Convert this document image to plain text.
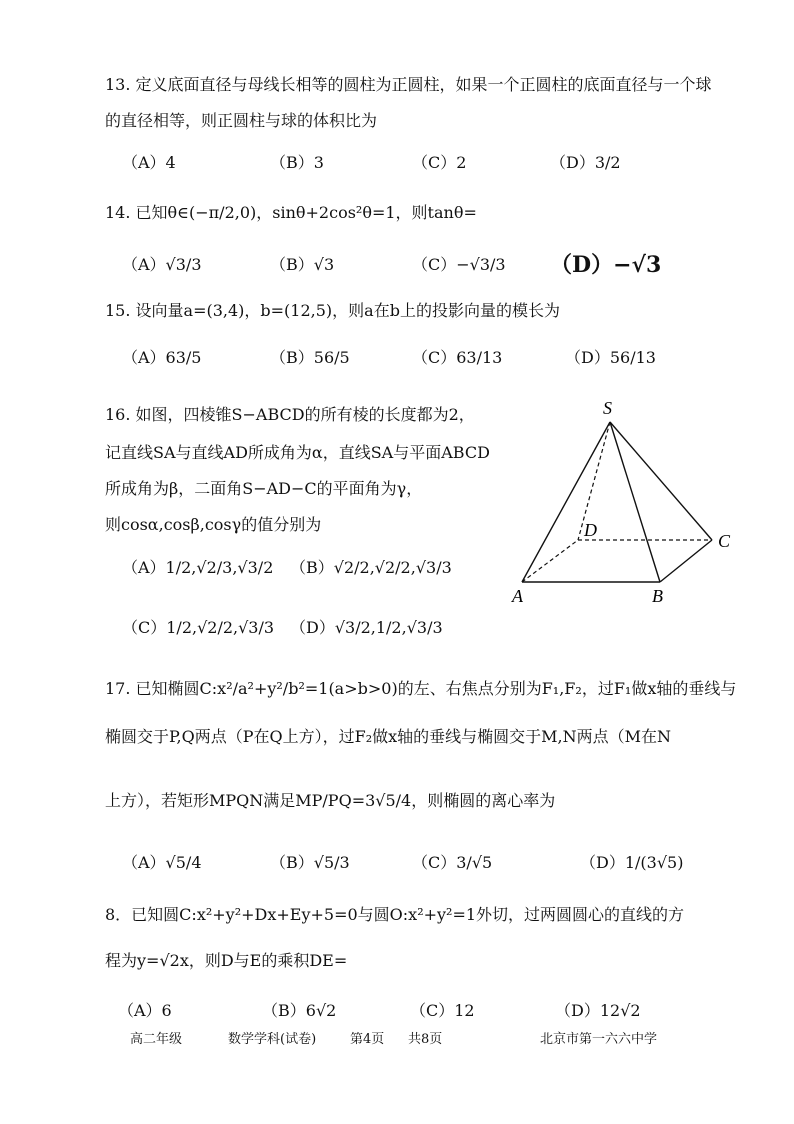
13. 定义底面直径与母线长相等的圆柱为正圆柱，如果一个正圆柱的底面直径与一个球
的直径相等，则正圆柱与球的体积比为
（A）4	（B）3	（C）2	（D）3/2
14. 已知θ∈(−π/2,0)，sinθ+2cos²θ=1，则tanθ=
（A）√3/3	（B）√3	（C）−√3/3 （D）−√3
15. 设向量a=(3,4)，b=(12,5)，则a在b上的投影向量的模长为
（A）63/5	（B）56/5	（C）63/13	（D）56/13
16. 如图，四棱锥S−ABCD的所有棱的长度都为2，
记直线SA与直线AD所成角为α，直线SA与平面ABCD
所成角为β，二面角S−AD−C的平面角为γ，
则cosα,cosβ,cosγ的值分别为
（A）1/2,√2/3,√3/2 （B）√2/2,√2/2,√3/3
（C）1/2,√2/2,√3/3 （D）√3/2,1/2,√3/3
S
D
C
A	B
17. 已知椭圆C:x²/a²+y²/b²=1(a>b>0)的左、右焦点分别为F₁,F₂，过F₁做x轴的垂线与
椭圆交于P,Q两点（P在Q上方），过F₂做x轴的垂线与椭圆交于M,N两点（M在N
上方），若矩形MPQN满足MP/PQ=3√5/4，则椭圆的离心率为
（A）√5/4	（B）√5/3	（C）3/√5	（D）1/(3√5)
8．已知圆C:x²+y²+Dx+Ey+5=0与圆O:x²+y²=1外切，过两圆圆心的直线的方
程为y=√2x，则D与E的乘积DE=
（A）6	（B）6√2	（C）12	（D）12√2
高二年级	数学学科(试卷)	第4页 共8页	北京市第一六六中学
